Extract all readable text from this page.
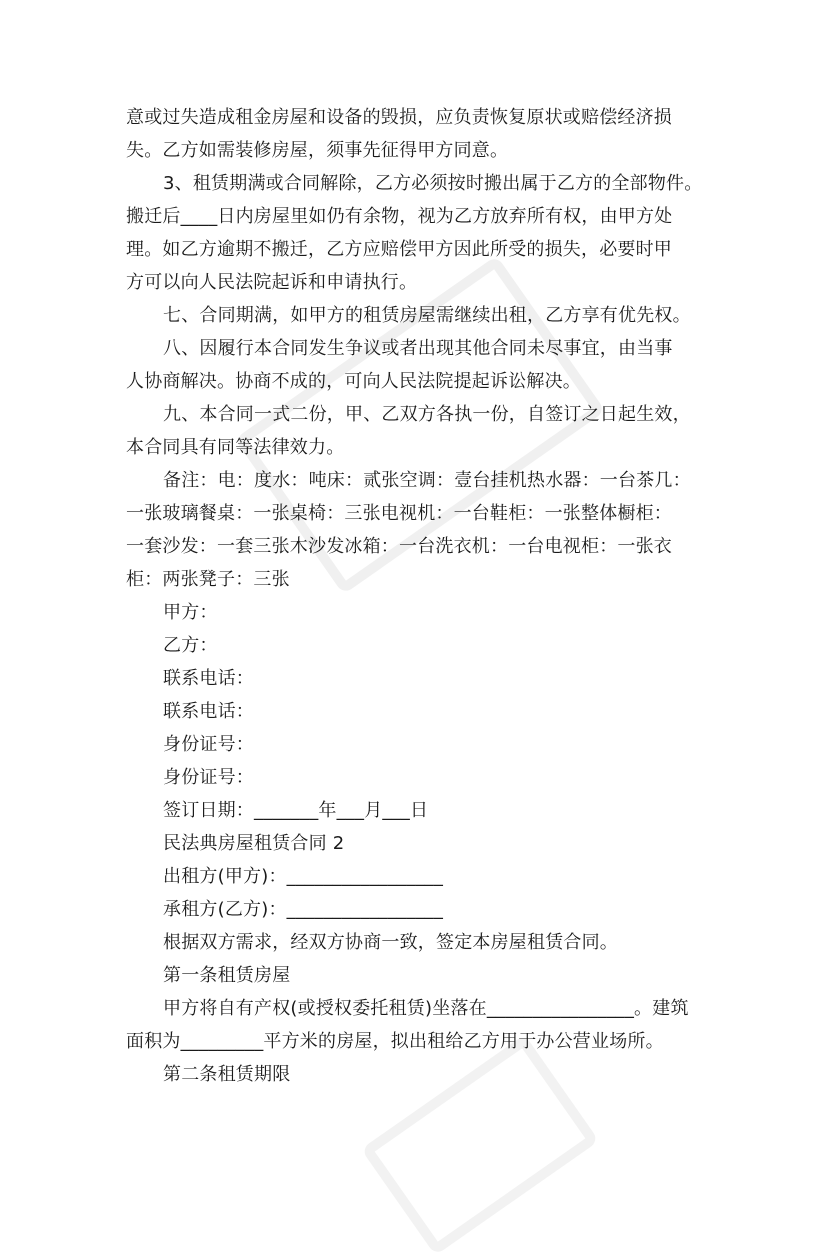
意或过失造成租金房屋和设备的毁损，应负责恢复原状或赔偿经济损
失。乙方如需装修房屋，须事先征得甲方同意。
3、租赁期满或合同解除，乙方必须按时搬出属于乙方的全部物件。
搬迁后____日内房屋里如仍有余物，视为乙方放弃所有权，由甲方处
理。如乙方逾期不搬迁，乙方应赔偿甲方因此所受的损失，必要时甲
方可以向人民法院起诉和申请执行。
七、合同期满，如甲方的租赁房屋需继续出租，乙方享有优先权。
八、因履行本合同发生争议或者出现其他合同未尽事宜，由当事
人协商解决。协商不成的，可向人民法院提起诉讼解决。
九、本合同一式二份，甲、乙双方各执一份，自签订之日起生效，
本合同具有同等法律效力。
备注：电：度水：吨床：贰张空调：壹台挂机热水器：一台茶几：
一张玻璃餐桌：一张桌椅：三张电视机：一台鞋柜：一张整体橱柜：
一套沙发：一套三张木沙发冰箱：一台洗衣机：一台电视柜：一张衣
柜：两张凳子：三张
甲方：
乙方：
联系电话：
联系电话：
身份证号：
身份证号：
签订日期：_______年___月___日
民法典房屋租赁合同 2
出租方(甲方)：_________________
承租方(乙方)：_________________
根据双方需求，经双方协商一致，签定本房屋租赁合同。
第一条租赁房屋
甲方将自有产权(或授权委托租赁)坐落在________________。建筑
面积为_________平方米的房屋，拟出租给乙方用于办公营业场所。
第二条租赁期限
